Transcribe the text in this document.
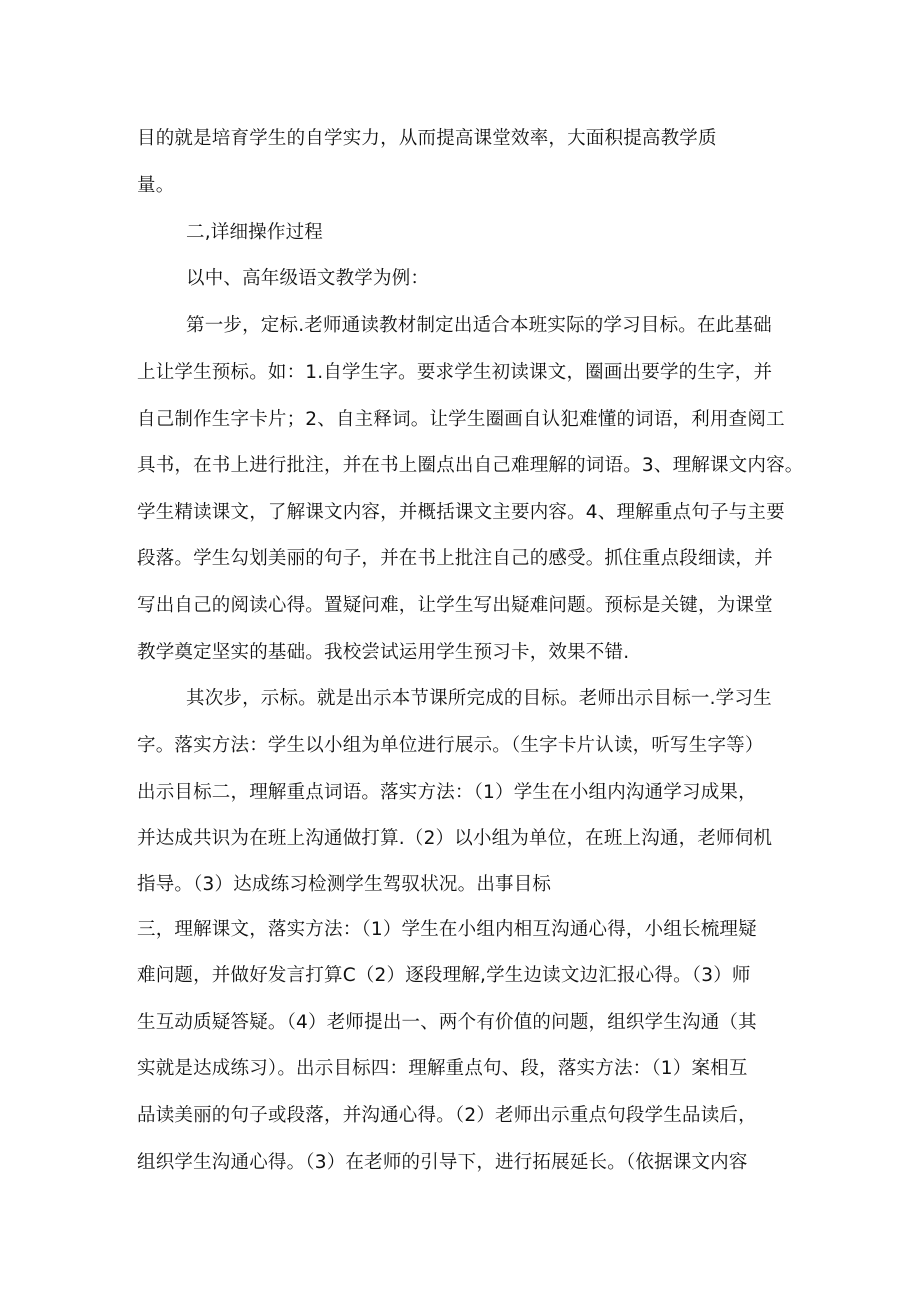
目的就是培育学生的自学实力，从而提高课堂效率，大面积提高教学质
量。
二,详细操作过程
以中、高年级语文教学为例：
第一步，定标.老师通读教材制定出适合本班实际的学习目标。在此基础
上让学生预标。如：1.自学生字。要求学生初读课文，圈画出要学的生字，并
自己制作生字卡片；2、自主释词。让学生圈画自认犯难懂的词语，利用查阅工
具书，在书上进行批注，并在书上圈点出自己难理解的词语。3、理解课文内容。
学生精读课文，了解课文内容，并概括课文主要内容。4、理解重点句子与主要
段落。学生勾划美丽的句子，并在书上批注自己的感受。抓住重点段细读，并
写出自己的阅读心得。置疑问难，让学生写出疑难问题。预标是关键，为课堂
教学奠定坚实的基础。我校尝试运用学生预习卡，效果不错.
其次步，示标。就是出示本节课所完成的目标。老师出示目标一.学习生
字。落实方法：学生以小组为单位进行展示。（生字卡片认读，听写生字等）
出示目标二，理解重点词语。落实方法：（1）学生在小组内沟通学习成果，
并达成共识为在班上沟通做打算.（2）以小组为单位，在班上沟通，老师伺机
指导。（3）达成练习检测学生驾驭状况。出事目标
三，理解课文，落实方法：（1）学生在小组内相互沟通心得，小组长梳理疑
难问题，并做好发言打算C（2）逐段理解,学生边读文边汇报心得。（3）师
生互动质疑答疑。（4）老师提出一、两个有价值的问题，组织学生沟通（其
实就是达成练习）。出示目标四：理解重点句、段，落实方法：（1）案相互
品读美丽的句子或段落，并沟通心得。（2）老师出示重点句段学生品读后，
组织学生沟通心得。（3）在老师的引导下，进行拓展延长。（依据课文内容
